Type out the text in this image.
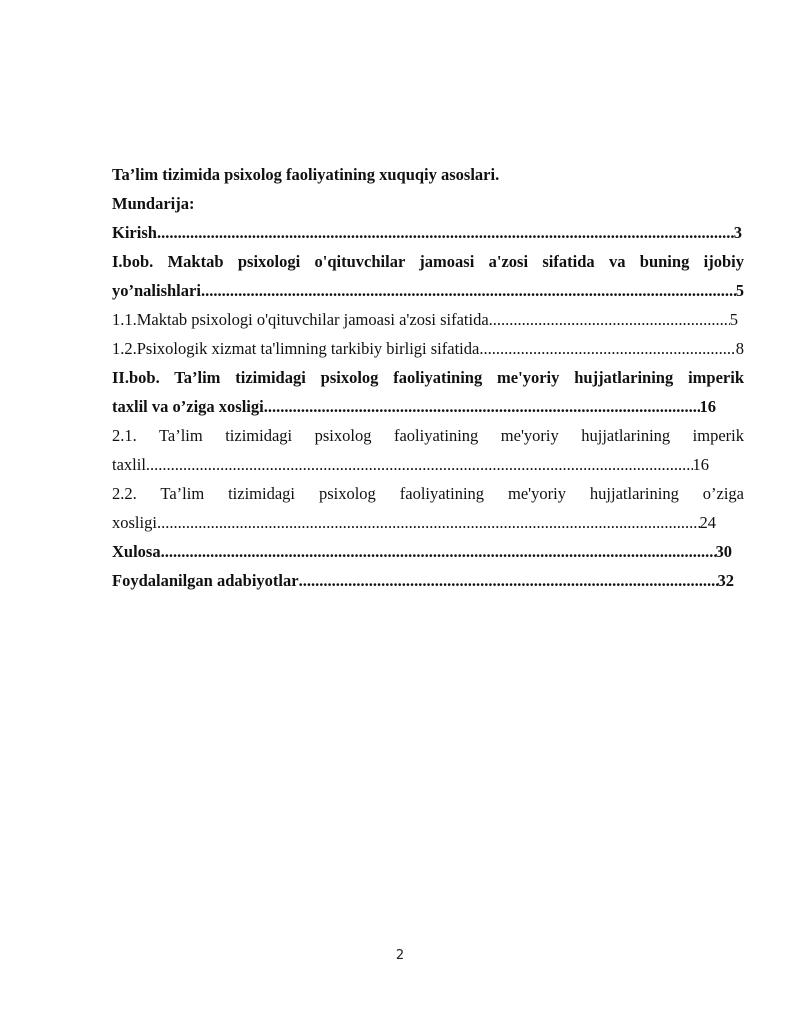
Ta’lim tizimida psixolog faoliyatining xuquqiy asoslari.
Mundarija:
Kirish .....	3
I.bob. Maktab psixologi o'qituvchilar jamoasi a'zosi sifatida va buning ijobiy
yo’nalishlari .....	5
1.1.Maktab psixologi o'qituvchilar jamoasi a'zosi sifatida .....	5
1.2.Psixologik xizmat ta'limning tarkibiy birligi sifatida .....	8
II.bob. Ta’lim tizimidagi psixolog faoliyatining me'yoriy hujjatlarining imperik
taxlil va o’ziga xosligi .....	16
2.1. Ta’lim tizimidagi psixolog faoliyatining me'yoriy hujjatlarining imperik
taxlil .....	16
2.2. Ta’lim tizimidagi psixolog faoliyatining me'yoriy hujjatlarining o’ziga
xosligi .....	24
Xulosa .....	30
Foydalanilgan adabiyotlar .....	32
2
